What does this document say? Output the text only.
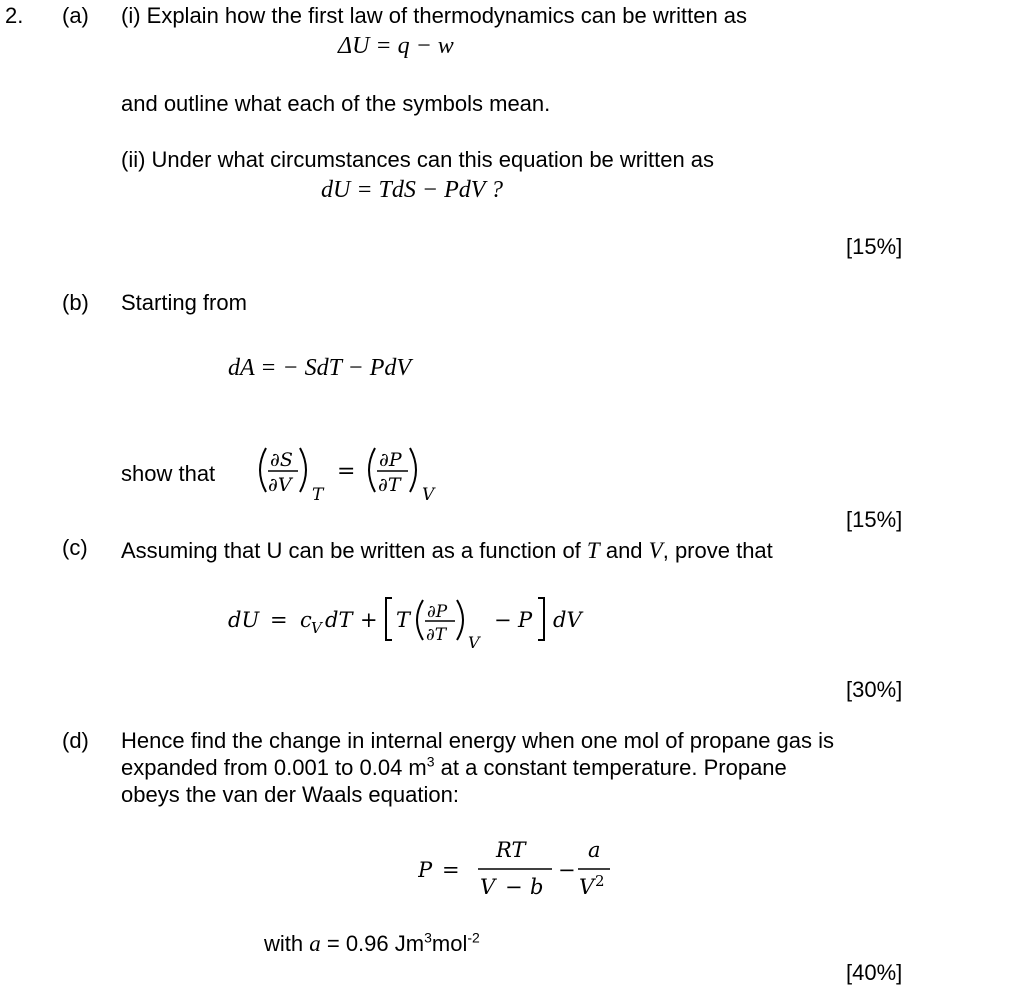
2. (a) (i) Explain how the first law of thermodynamics can be written as
ΔU = q − w
and outline what each of the symbols mean.
(ii) Under what circumstances can this equation be written as
dU = TdS − PdV ?
[15%]
(b) Starting from
dA = − SdT − PdV
show that
∂S
∂V T
= ∂P
∂T V
[15%]
(c) Assuming that U can be written as a function of T and V, prove that
dU = c V dT + T ∂P
∂T V
− P dV
[30%]
(d) Hence find the change in internal energy when one mol of propane gas is
expanded from 0.001 to 0.04 $m^3$ at a constant temperature. Propane
obeys the van der Waals equation:
P =
RT
V − b
−
a
V 2
with a = 0.96 Jm$^3$mol$^{-2}$
[40%]
